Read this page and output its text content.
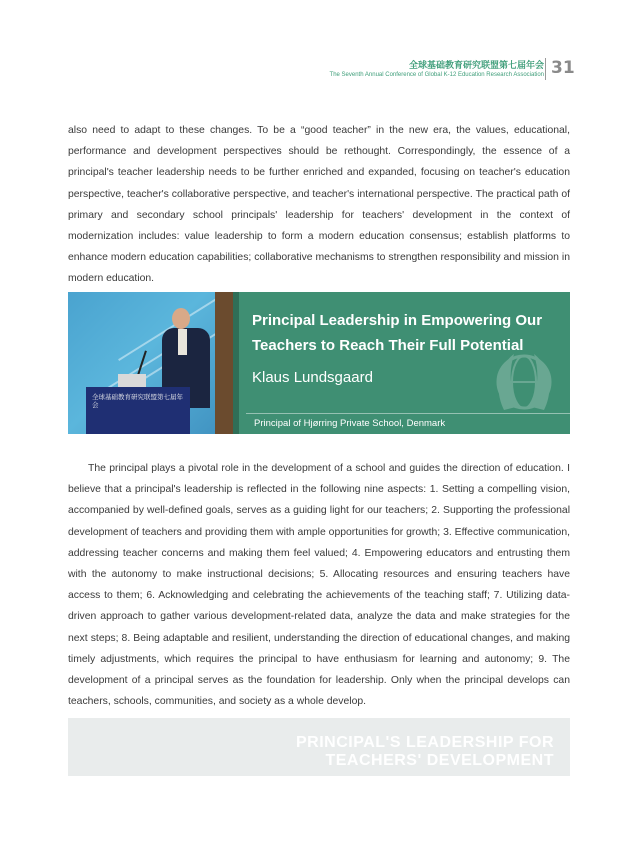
全球基础教育研究联盟第七届年会
The Seventh Annual Conference of Global K-12 Education Research Association 31

also need to adapt to these changes. To be a “good teacher” in the new era, the values, educational, performance and development perspectives should be rethought. Correspondingly, the essence of a principal's teacher leadership needs to be further enriched and expanded, focusing on teacher's education perspective, teacher's collaborative perspective, and teacher's international perspective. The practical path of primary and secondary school principals' leadership for teachers' development in the context of modernization includes: value leadership to form a modern education consensus; establish platforms to enhance modern education capabilities; collaborative mechanisms to strengthen responsibility and mission in modern education.

全球基础教育研究联盟第七届年会

Principal Leadership in Empowering Our Teachers to Reach Their Full Potential

Klaus Lundsgaard

Principal of Hjørring Private School, Denmark

The principal plays a pivotal role in the development of a school and guides the direction of education. I believe that a principal's leadership is reflected in the following nine aspects: 1. Setting a compelling vision, accompanied by well-defined goals, serves as a guiding light for our teachers; 2. Supporting the professional development of teachers and providing them with ample opportunities for growth; 3. Effective communication, addressing teacher concerns and making them feel valued; 4. Empowering educators and entrusting them with the autonomy to make instructional decisions; 5. Allocating resources and ensuring teachers have access to them; 6. Acknowledging and celebrating the achievements of the teaching staff; 7. Utilizing data-driven approach to gather various development-related data, analyze the data and make strategies for the next steps; 8. Being adaptable and resilient, understanding the direction of educational changes, and making timely adjustments, which requires the principal to have enthusiasm for learning and autonomy; 9. The development of a principal serves as the foundation for leadership. Only when the principal develops can teachers, schools, communities, and society as a whole develop.

PRINCIPAL'S LEADERSHIP FOR
TEACHERS' DEVELOPMENT
